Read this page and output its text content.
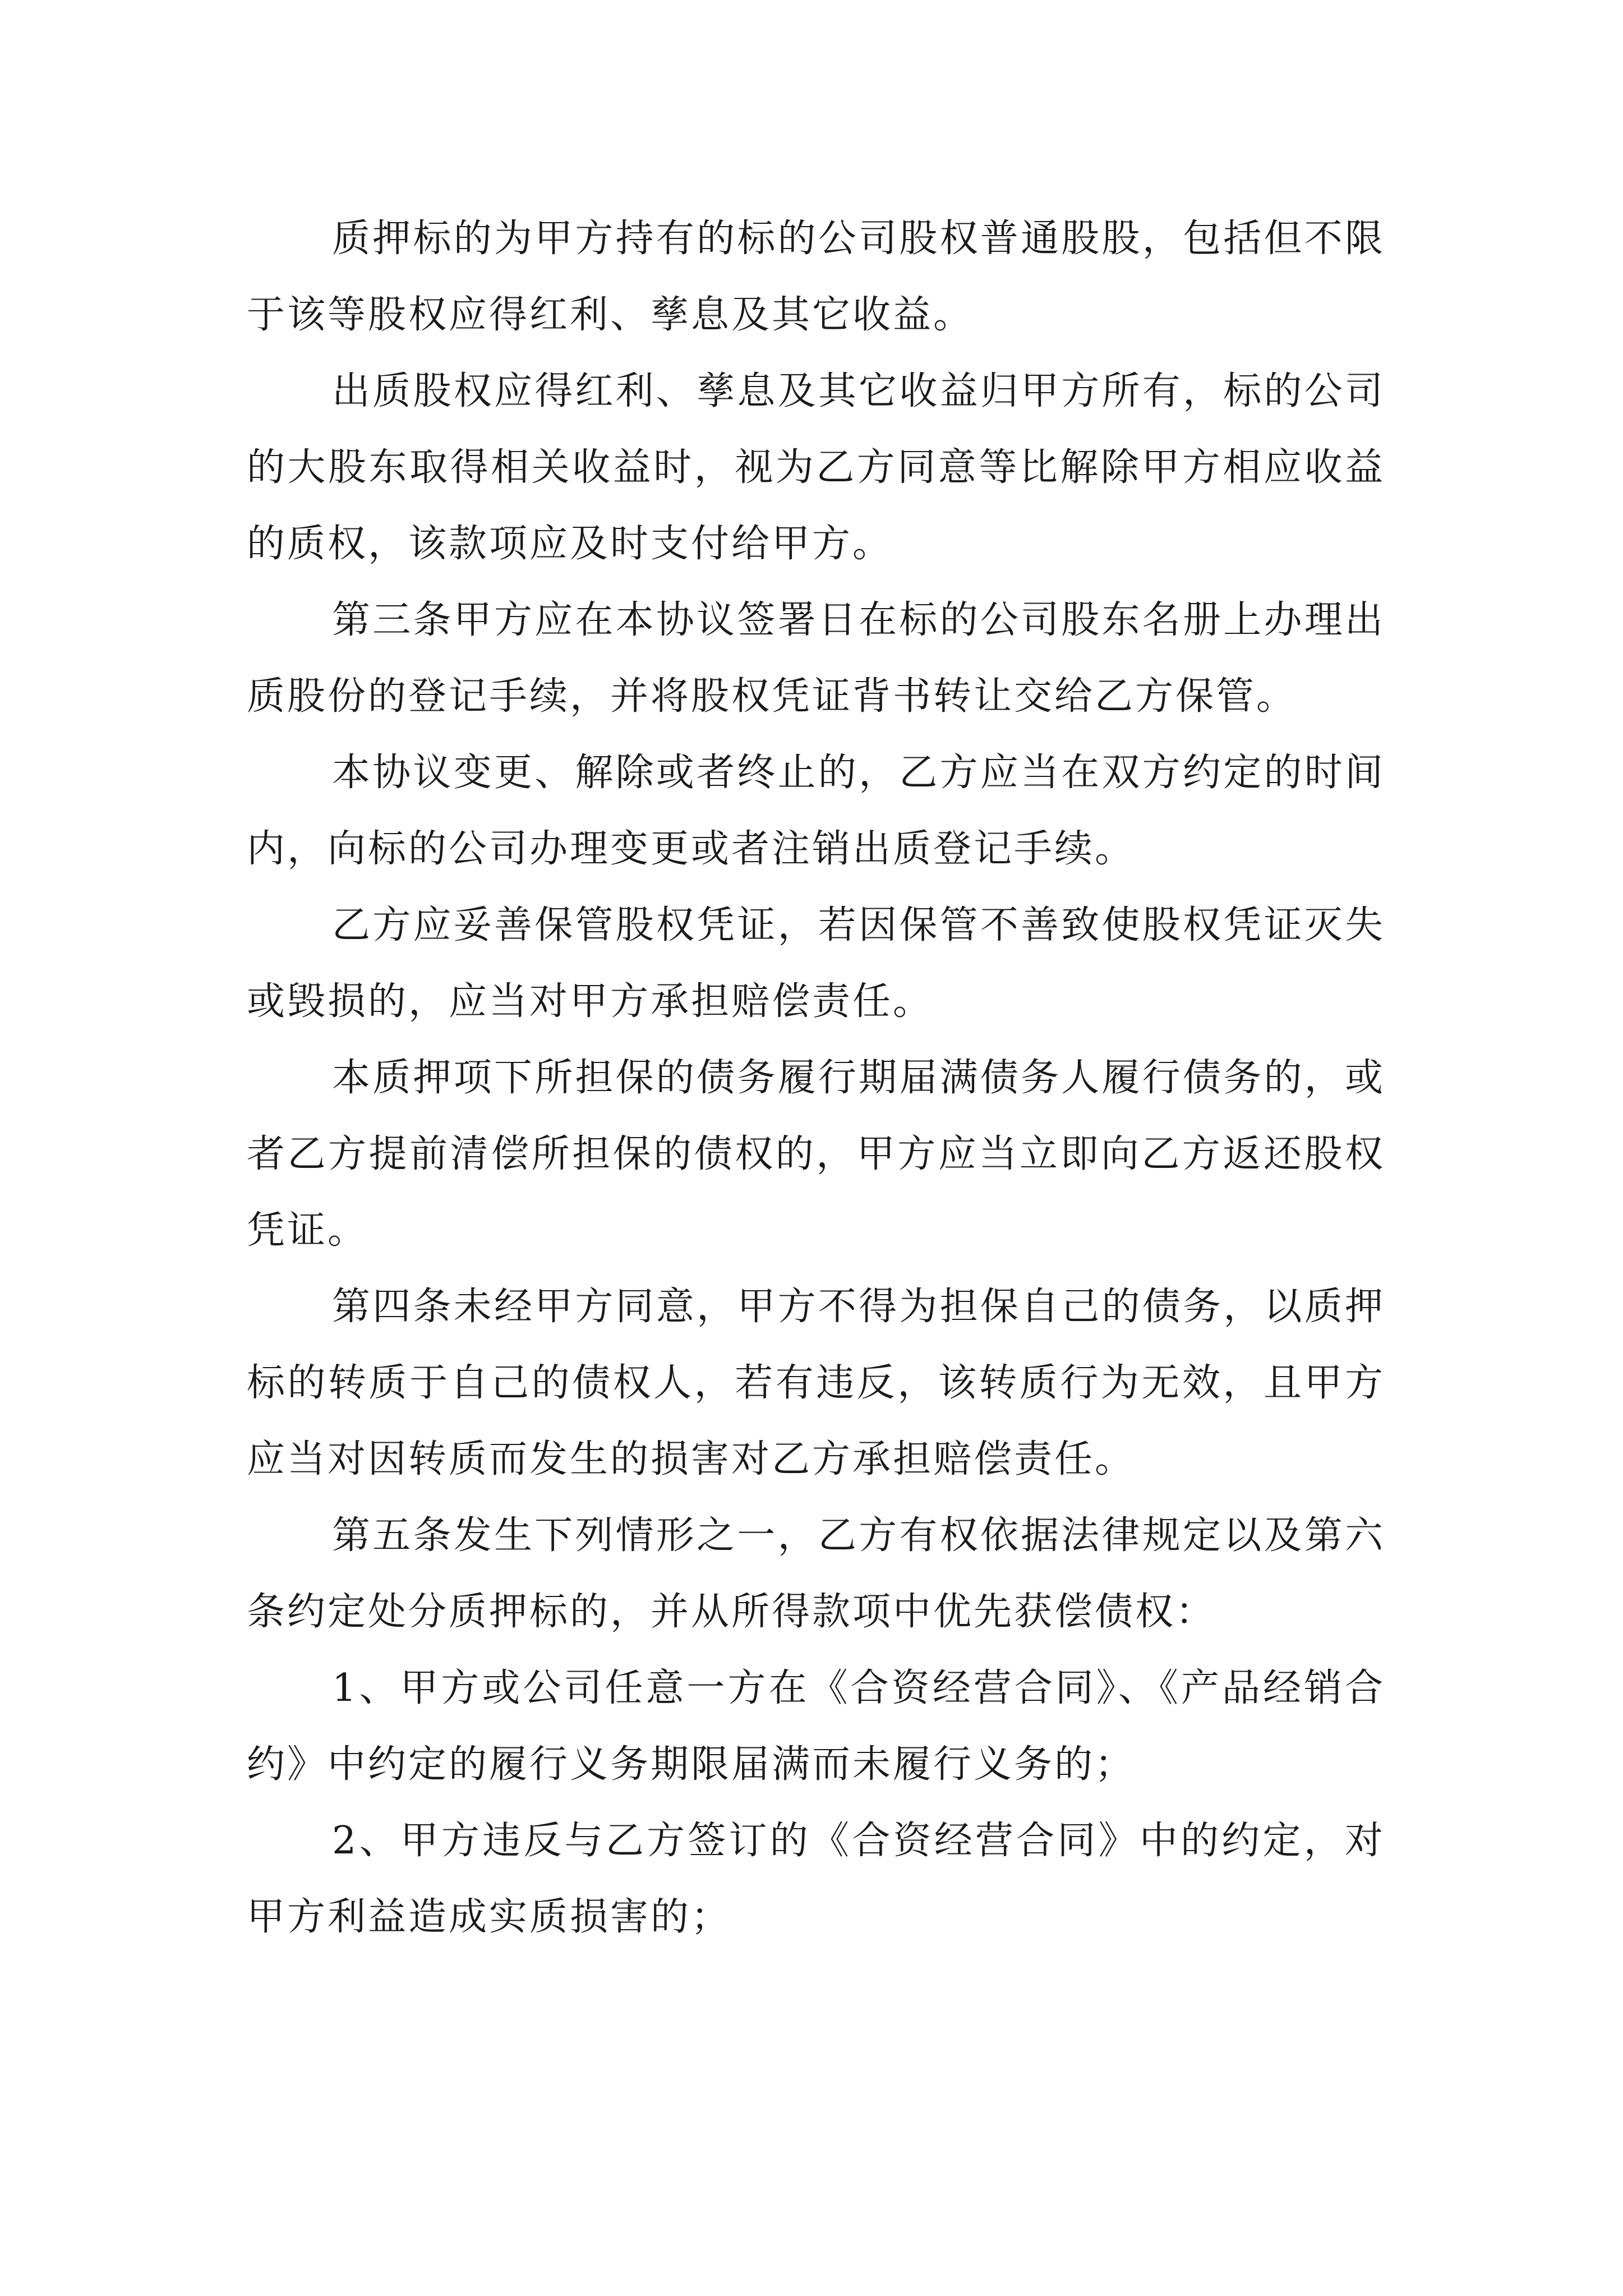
质押标的为甲方持有的标的公司股权普通股股，包括但不限于该等股权应得红利、孳息及其它收益。

出质股权应得红利、孳息及其它收益归甲方所有，标的公司的大股东取得相关收益时，视为乙方同意等比解除甲方相应收益的质权，该款项应及时支付给甲方。

第三条甲方应在本协议签署日在标的公司股东名册上办理出质股份的登记手续，并将股权凭证背书转让交给乙方保管。

本协议变更、解除或者终止的，乙方应当在双方约定的时间内，向标的公司办理变更或者注销出质登记手续。

乙方应妥善保管股权凭证，若因保管不善致使股权凭证灭失或毁损的，应当对甲方承担赔偿责任。

本质押项下所担保的债务履行期届满债务人履行债务的，或者乙方提前清偿所担保的债权的，甲方应当立即向乙方返还股权凭证。

第四条未经甲方同意，甲方不得为担保自己的债务，以质押标的转质于自己的债权人，若有违反，该转质行为无效，且甲方应当对因转质而发生的损害对乙方承担赔偿责任。

第五条发生下列情形之一，乙方有权依据法律规定以及第六条约定处分质押标的，并从所得款项中优先获偿债权：

1、甲方或公司任意一方在《合资经营合同》、《产品经销合约》中约定的履行义务期限届满而未履行义务的；

2、甲方违反与乙方签订的《合资经营合同》中的约定，对甲方利益造成实质损害的；
